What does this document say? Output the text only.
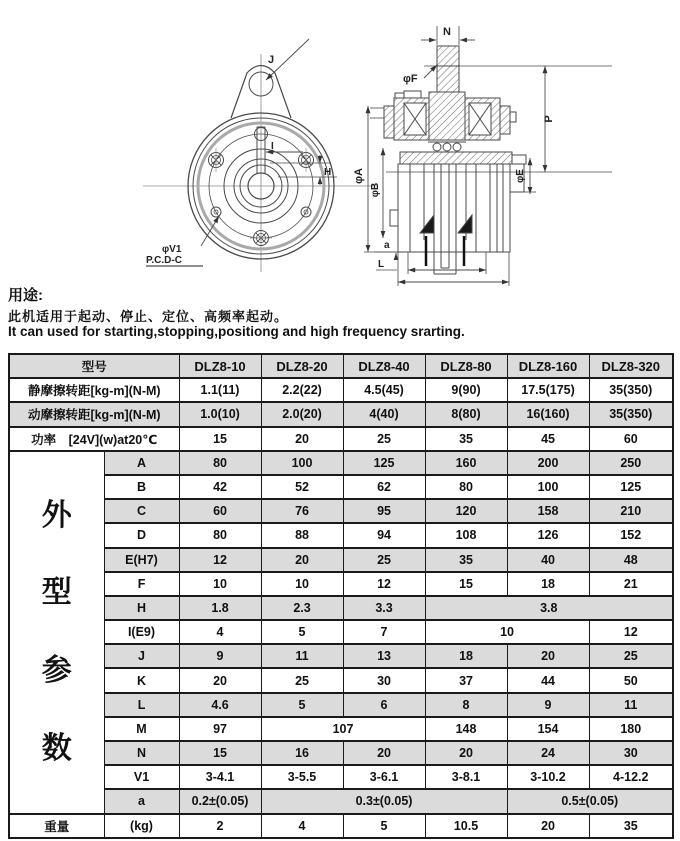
J
I
H
φV1
P.C.D-C
N
φF
P
φA
φB
φE
a
L

用途:

此机适用于起动、停止、定位、高频率起动。

It can used for starting,stopping,positiong and high frequency srarting.

型号		DLZ8-10	DLZ8-20	DLZ8-40	DLZ8-80	DLZ8-160	DLZ8-320
静摩擦转距[kg-m](N-M)		1.1(11)	2.2(22)	4.5(45)	9(90)	17.5(175)	35(350)
动摩擦转距[kg-m](N-M)		1.0(10)	2.0(20)	4(40)	8(80)	16(160)	35(350)
功率　[24V](w)at20℃		15	20	25	35	45	60

外
型
参
数	A	80	100	125	160	200	250
	B	42	52	62	80	100	125
	C	60	76	95	120	158	210
	D	80	88	94	108	126	152
	E(H7)	12	20	25	35	40	48
	F	10	10	12	15	18	21
	H	1.8	2.3	3.3	3.8		
	I(E9)	4	5	7	10		12
	J	9	11	13	18	20	25
	K	20	25	30	37	44	50
	L	4.6	5	6	8	9	11
	M	97	107		148	154	180
	N	15	16	20	20	24	30
	V1	3-4.1	3-5.5	3-6.1	3-8.1	3-10.2	4-12.2
	a	0.2±(0.05)	0.3±(0.05)			0.5±(0.05)	
重量	(kg)	2	4	5	10.5	20	35
